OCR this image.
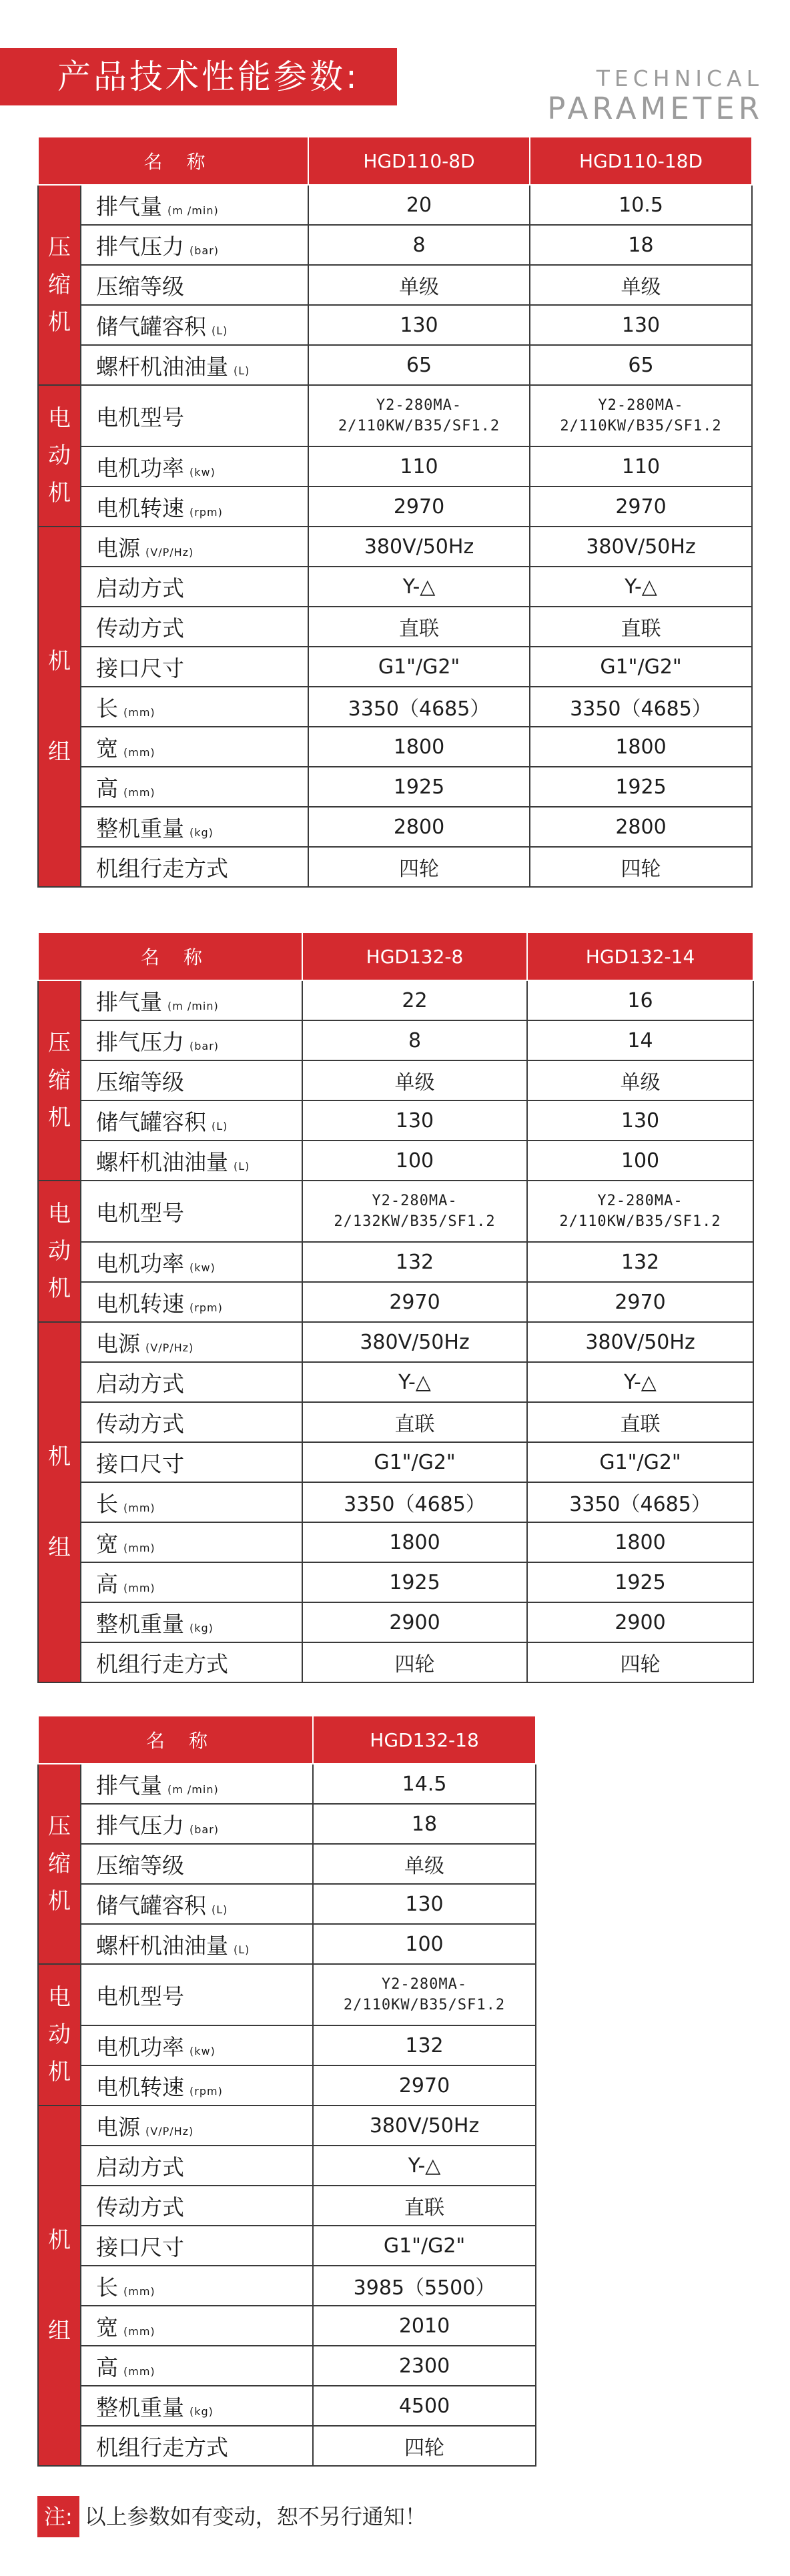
产品技术性能参数:	TECHNICAL
PARAMETER
名称		HGD110-8D	HGD110-18D

压
缩
机	排气量 (m /min)	20	10.5
	排气压力 (bar)	8	18
	压缩等级	单级	单级
	储气罐容积 (L)	130	130
	螺杆机油油量 (L)	65	65

电
动
机	电机型号	Y2-280MA-2/110KW/B35/SF1.2	Y2-280MA-2/110KW/B35/SF1.2
	电机功率 (kw)	110	110
	电机转速 (rpm)	2970	2970

机
组	电源 (V/P/Hz)	380V/50Hz	380V/50Hz
	启动方式	Y-△	Y-△
	传动方式	直联	直联
	接口尺寸	G1"/G2"	G1"/G2"
	长 (mm)	3350（4685）	3350（4685）
	宽 (mm)	1800	1800
	高 (mm)	1925	1925
	整机重量 (kg)	2800	2800
	机组行走方式	四轮	四轮
名称		HGD132-8	HGD132-14

压
缩
机	排气量 (m /min)	22	16
	排气压力 (bar)	8	14
	压缩等级	单级	单级
	储气罐容积 (L)	130	130
	螺杆机油油量 (L)	100	100

电
动
机	电机型号	Y2-280MA-2/132KW/B35/SF1.2	Y2-280MA-2/110KW/B35/SF1.2
	电机功率 (kw)	132	132
	电机转速 (rpm)	2970	2970

机
组	电源 (V/P/Hz)	380V/50Hz	380V/50Hz
	启动方式	Y-△	Y-△
	传动方式	直联	直联
	接口尺寸	G1"/G2"	G1"/G2"
	长 (mm)	3350（4685）	3350（4685）
	宽 (mm)	1800	1800
	高 (mm)	1925	1925
	整机重量 (kg)	2900	2900
	机组行走方式	四轮	四轮
名称		HGD132-18

压
缩
机	排气量 (m /min)	14.5
	排气压力 (bar)	18
	压缩等级	单级
	储气罐容积 (L)	130
	螺杆机油油量 (L)	100

电
动
机	电机型号	Y2-280MA-2/110KW/B35/SF1.2
	电机功率 (kw)	132
	电机转速 (rpm)	2970

机
组	电源 (V/P/Hz)	380V/50Hz
	启动方式	Y-△
	传动方式	直联
	接口尺寸	G1"/G2"
	长 (mm)	3985（5500）
	宽 (mm)	2010
	高 (mm)	2300
	整机重量 (kg)	4500
	机组行走方式	四轮
注: 以上参数如有变动，恕不另行通知！
